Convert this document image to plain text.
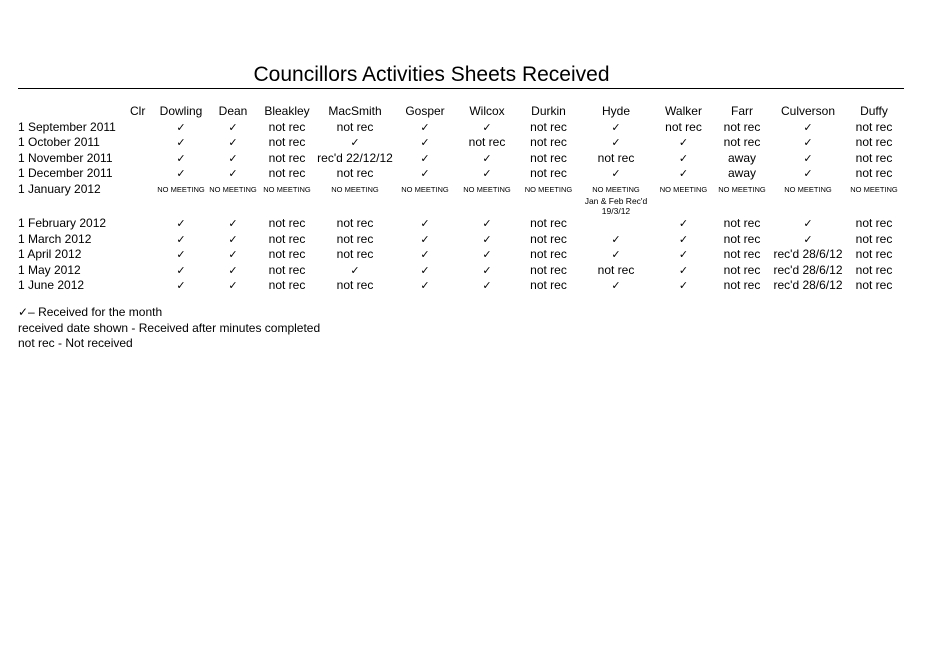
Councillors Activities Sheets Received
	Clr	Dowling	Dean	Bleakley	MacSmith	Gosper	Wilcox	Durkin	Hyde	Walker	Farr	Culverson	Duffy
1 September 2011		✓	✓	not rec	not rec	✓	✓	not rec	✓	not rec	not rec	✓	not rec
1 October 2011		✓	✓	not rec	✓	✓	not rec	not rec	✓	✓	not rec	✓	not rec
1 November 2011		✓	✓	not rec	rec'd 22/12/12	✓	✓	not rec	not rec	✓	away	✓	not rec
1 December 2011		✓	✓	not rec	not rec	✓	✓	not rec	✓	✓	away	✓	not rec
1 January 2012		NO MEETING	NO MEETING	NO MEETING	NO MEETING	NO MEETING	NO MEETING	NO MEETING	NO MEETING	NO MEETING	NO MEETING	NO MEETING	NO MEETING

									Jan & Feb Rec'd
19/3/12				

1 February 2012		✓	✓	not rec	not rec	✓	✓	not rec		✓	not rec	✓	not rec
1 March 2012		✓	✓	not rec	not rec	✓	✓	not rec	✓	✓	not rec	✓	not rec
1 April 2012		✓	✓	not rec	not rec	✓	✓	not rec	✓	✓	not rec	rec'd 28/6/12	not rec
1 May 2012		✓	✓	not rec	✓	✓	✓	not rec	not rec	✓	not rec	rec'd 28/6/12	not rec
1 June 2012		✓	✓	not rec	not rec	✓	✓	not rec	✓	✓	not rec	rec'd 28/6/12	not rec
✓– Received for the month
received date shown - Received after minutes completed
not rec - Not received
